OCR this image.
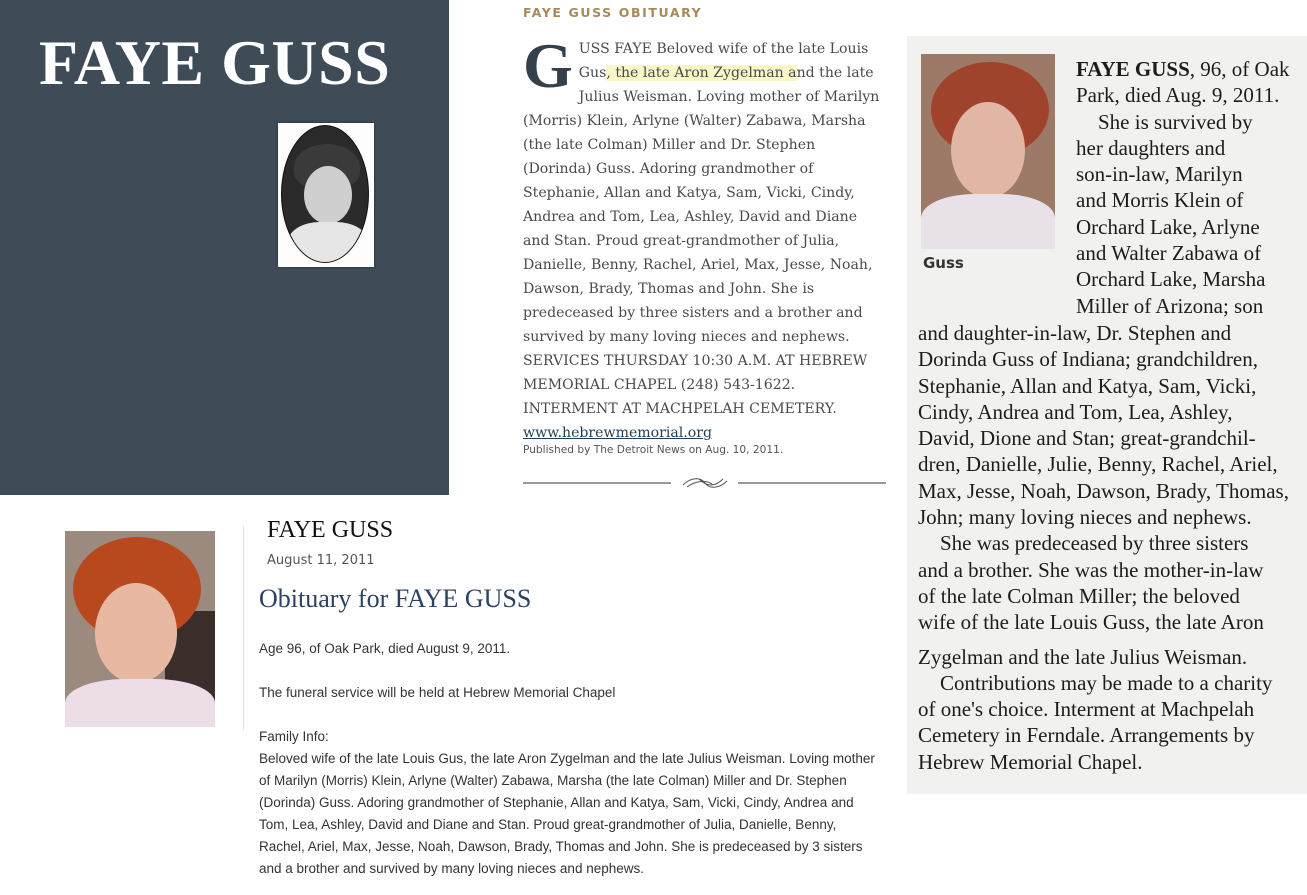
FAYE GUSS
FAYE GUSS OBITUARY
G USS FAYE Beloved wife of the late Louis Gus, the late Aron Zygelman and the late Julius Weisman. Loving mother of Marilyn (Morris) Klein, Arlyne (Walter) Zabawa, Marsha (the late Colman) Miller and Dr. Stephen (Dorinda) Guss. Adoring grandmother of Stephanie, Allan and Katya, Sam, Vicki, Cindy, Andrea and Tom, Lea, Ashley, David and Diane and Stan. Proud great-grandmother of Julia, Danielle, Benny, Rachel, Ariel, Max, Jesse, Noah, Dawson, Brady, Thomas and John. She is predeceased by three sisters and a brother and survived by many loving nieces and nephews. SERVICES THURSDAY 10:30 A.M. AT HEBREW MEMORIAL CHAPEL (248) 543-1622. INTERMENT AT MACHPELAH CEMETERY.
www.hebrewmemorial.org
Published by The Detroit News on Aug. 10, 2011.
Guss
FAYE GUSS, 96, of Oak
Park, died Aug. 9, 2011.
She is survived by
her daughters and
son-in-law, Marilyn
and Morris Klein of
Orchard Lake, Arlyne
and Walter Zabawa of
Orchard Lake, Marsha
Miller of Arizona; son
and daughter-in-law, Dr. Stephen and
Dorinda Guss of Indiana; grandchildren,
Stephanie, Allan and Katya, Sam, Vicki,
Cindy, Andrea and Tom, Lea, Ashley,
David, Dione and Stan; great-grandchil-
dren, Danielle, Julie, Benny, Rachel, Ariel,
Max, Jesse, Noah, Dawson, Brady, Thomas,
John; many loving nieces and nephews.
She was predeceased by three sisters
and a brother. She was the mother-in-law
of the late Colman Miller; the beloved
wife of the late Louis Guss, the late Aron
Zygelman and the late Julius Weisman.
Contributions may be made to a charity
of one's choice. Interment at Machpelah
Cemetery in Ferndale. Arrangements by
Hebrew Memorial Chapel.
FAYE GUSS
August 11, 2011
Obituary for FAYE GUSS
Age 96, of Oak Park, died August 9, 2011.
The funeral service will be held at Hebrew Memorial Chapel
Family Info:
Beloved wife of the late Louis Gus, the late Aron Zygelman and the late Julius Weisman. Loving mother of Marilyn (Morris) Klein, Arlyne (Walter) Zabawa, Marsha (the late Colman) Miller and Dr. Stephen (Dorinda) Guss. Adoring grandmother of Stephanie, Allan and Katya, Sam, Vicki, Cindy, Andrea and Tom, Lea, Ashley, David and Diane and Stan. Proud great-grandmother of Julia, Danielle, Benny, Rachel, Ariel, Max, Jesse, Noah, Dawson, Brady, Thomas and John. She is predeceased by 3 sisters and a brother and survived by many loving nieces and nephews.
